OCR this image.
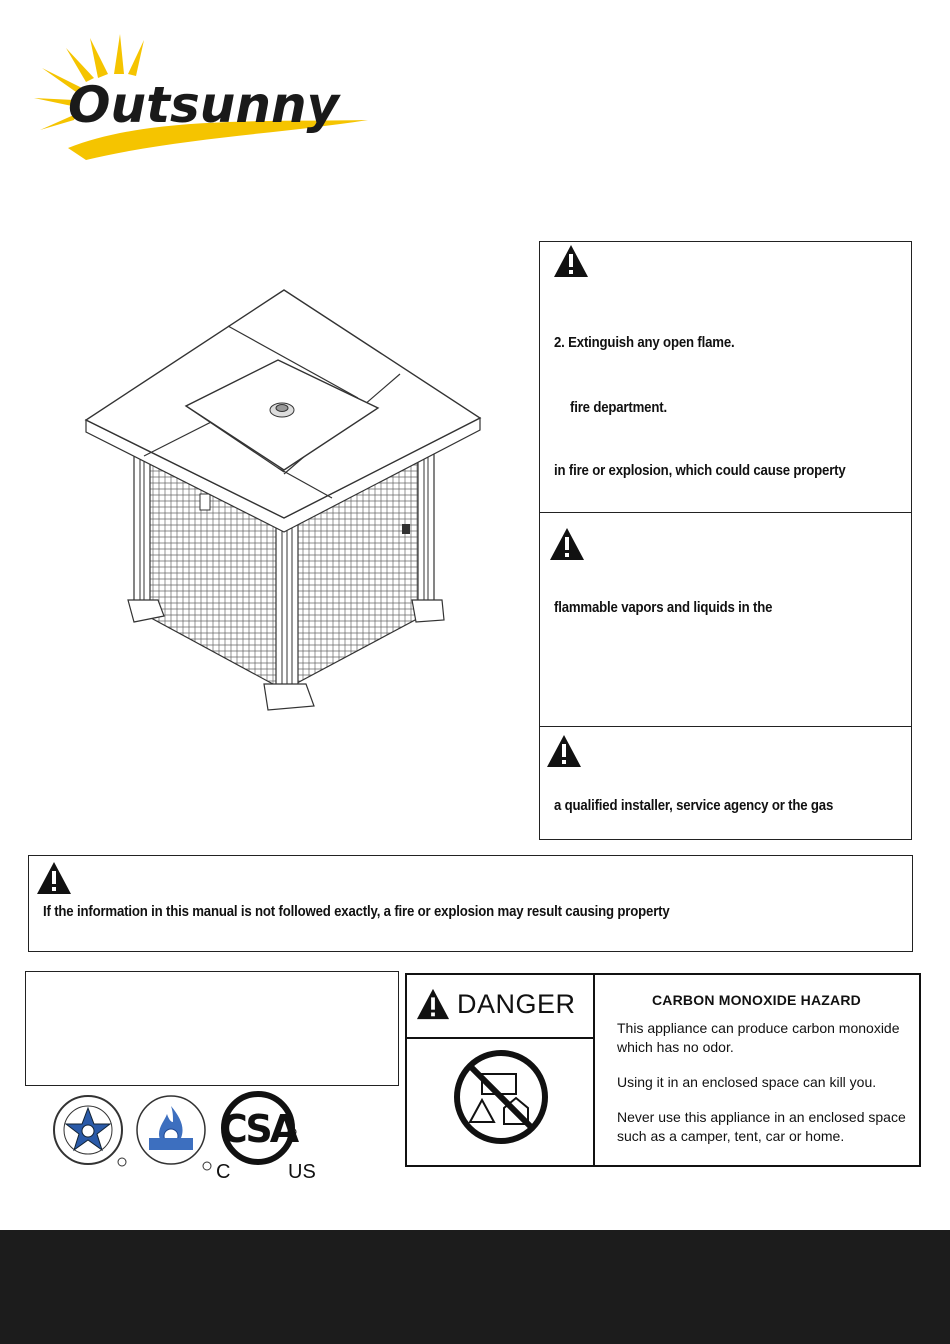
Outsunny
2. Extinguish any open flame.
fire department.
in fire or explosion, which could cause property
flammable vapors and liquids in the
a qualified installer, service agency or the gas
If the information in this manual is not followed exactly, a fire or explosion may result causing property
CSA
C	US
DANGER	CARBON MONOXIDE HAZARD
This appliance can produce carbon monoxide
which has no odor.
Using it in an enclosed space can kill you.
Never use this appliance in an enclosed space
such as a camper, tent, car or home.
